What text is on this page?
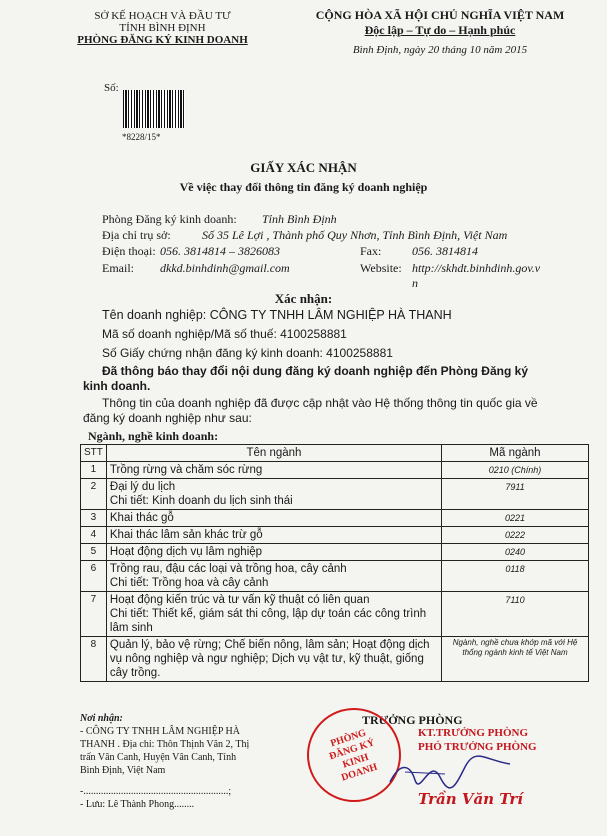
SỞ KẾ HOẠCH VÀ ĐẦU TƯ
TỈNH BÌNH ĐỊNH
PHÒNG ĐĂNG KÝ KINH DOANH
CỘNG HÒA XÃ HỘI CHỦ NGHĨA VIỆT NAM
Độc lập – Tự do – Hạnh phúc
Bình Định, ngày 20 tháng 10 năm 2015
Số:
*8228/15*
GIẤY XÁC NHẬN
Về việc thay đổi thông tin đăng ký doanh nghiệp
Phòng Đăng ký kinh doanh: Tỉnh Bình Định
Địa chỉ trụ sở:	Số 35 Lê Lợi , Thành phố Quy Nhơn, Tỉnh Bình Định, Việt Nam
Điện thoại: 056. 3814814 – 3826083	Fax:	056. 3814814
Email: dkkd.binhdinh@gmail.com	Website: http://skhdt.binhdinh.gov.v
n
Xác nhận:
Tên doanh nghiệp: CÔNG TY TNHH LÂM NGHIỆP HÀ THANH
Mã số doanh nghiệp/Mã số thuế: 4100258881
Số Giấy chứng nhận đăng ký kinh doanh: 4100258881
Đã thông báo thay đổi nội dung đăng ký doanh nghiệp đến Phòng Đăng ký
kinh doanh.
Thông tin của doanh nghiệp đã được cập nhật vào Hệ thống thông tin quốc gia về
đăng ký doanh nghiệp như sau:
Ngành, nghề kinh doanh:
STT	Tên ngành	Mã ngành
1	Trồng rừng và chăm sóc rừng	0210 (Chính)
2	Đại lý du lịch
Chi tiết: Kinh doanh du lịch sinh thái	7911
3	Khai thác gỗ	0221
4	Khai thác lâm sản khác trừ gỗ	0222
5	Hoạt động dịch vụ lâm nghiệp	0240
6	Trồng rau, đậu các loại và trồng hoa, cây cảnh
Chi tiết: Trồng hoa và cây cảnh	0118
7	Hoạt động kiến trúc và tư vấn kỹ thuật có liên quan
Chi tiết: Thiết kế, giám sát thi công, lập dự toán các công trình
lâm sinh	7110
8	Quản lý, bảo vệ rừng; Chế biến nông, lâm sản; Hoạt động dịch
vụ nông nghiệp và ngư nghiệp; Dịch vụ vật tư, kỹ thuật, giống
cây trồng.	Ngành, nghề chưa khớp mã với Hệ thống ngành kinh tế Việt Nam
Nơi nhận:
- CÔNG TY TNHH LÂM NGHIỆP HÀ
THANH . Địa chỉ: Thôn Thịnh Văn 2, Thị
trấn Vân Canh, Huyện Vân Canh, Tỉnh
Bình Định, Việt Nam
-..........................................................;
- Lưu: Lê Thành Phong........
TRƯỞNG PHÒNG
PHÒNG ĐĂNG KÝ KINH DOANH
KT.TRƯỞNG PHÒNG
PHÓ TRƯỞNG PHÒNG
Trần Văn Trí
